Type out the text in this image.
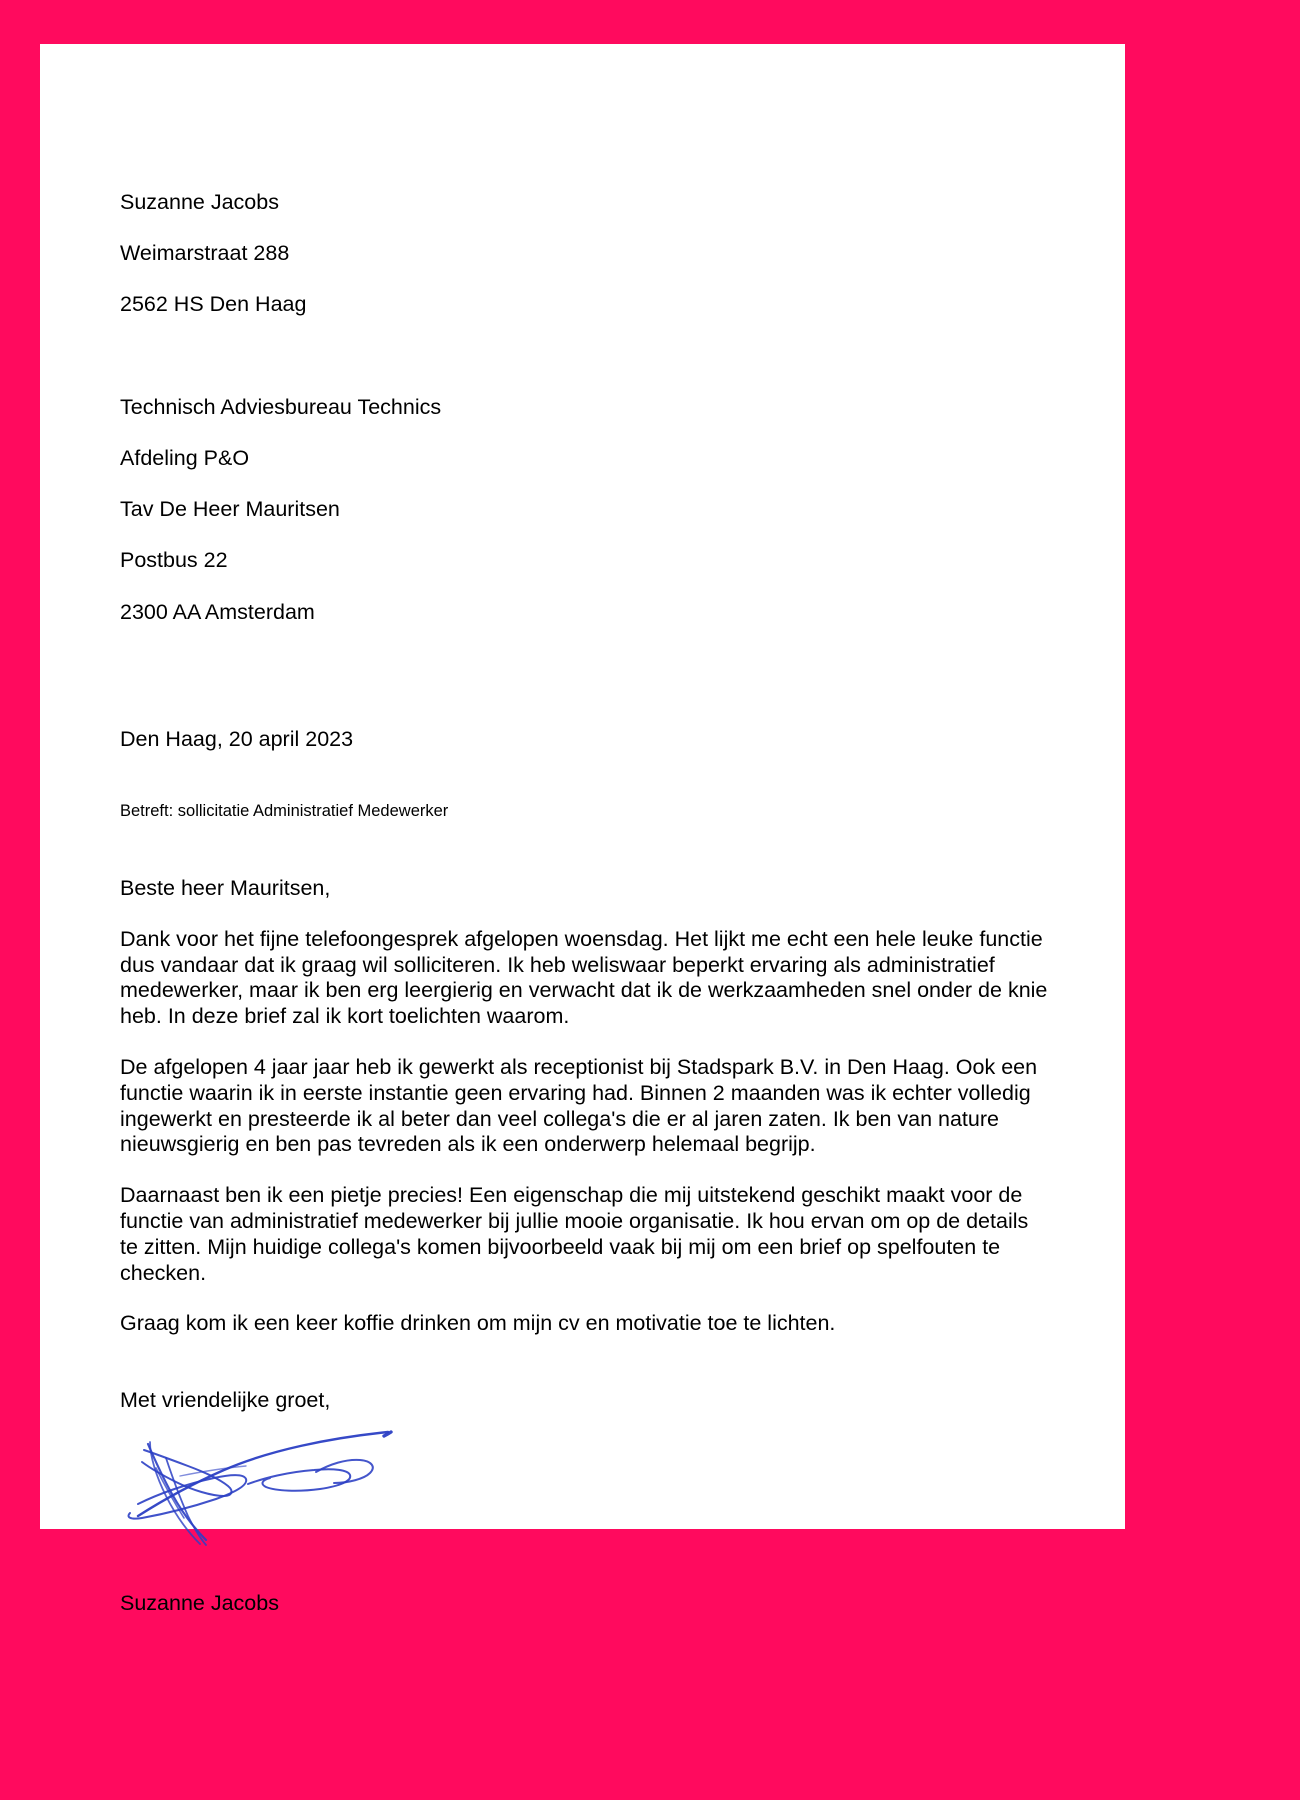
Suzanne Jacobs

Weimarstraat 288

2562 HS Den Haag

Technisch Adviesbureau Technics

Afdeling P&O

Tav De Heer Mauritsen

Postbus 22

2300 AA Amsterdam

Den Haag, 20 april 2023
Betreft: sollicitatie Administratief Medewerker
Beste heer Mauritsen,

Dank voor het fijne telefoongesprek afgelopen woensdag. Het lijkt me echt een hele leuke functie dus vandaar dat ik graag wil solliciteren. Ik heb weliswaar beperkt ervaring als administratief medewerker, maar ik ben erg leergierig en verwacht dat ik de werkzaamheden snel onder de knie heb. In deze brief zal ik kort toelichten waarom.

De afgelopen 4 jaar jaar heb ik gewerkt als receptionist bij Stadspark B.V. in Den Haag. Ook een functie waarin ik in eerste instantie geen ervaring had. Binnen 2 maanden was ik echter volledig ingewerkt en presteerde ik al beter dan veel collega's die er al jaren zaten. Ik ben van nature nieuwsgierig en ben pas tevreden als ik een onderwerp helemaal begrijp.

Daarnaast ben ik een pietje precies! Een eigenschap die mij uitstekend geschikt maakt voor de functie van administratief medewerker bij jullie mooie organisatie. Ik hou ervan om op de details te zitten. Mijn huidige collega's komen bijvoorbeeld vaak bij mij om een brief op spelfouten te checken.

Graag kom ik een keer koffie drinken om mijn cv en motivatie toe te lichten.

Met vriendelijke groet,
Suzanne Jacobs
